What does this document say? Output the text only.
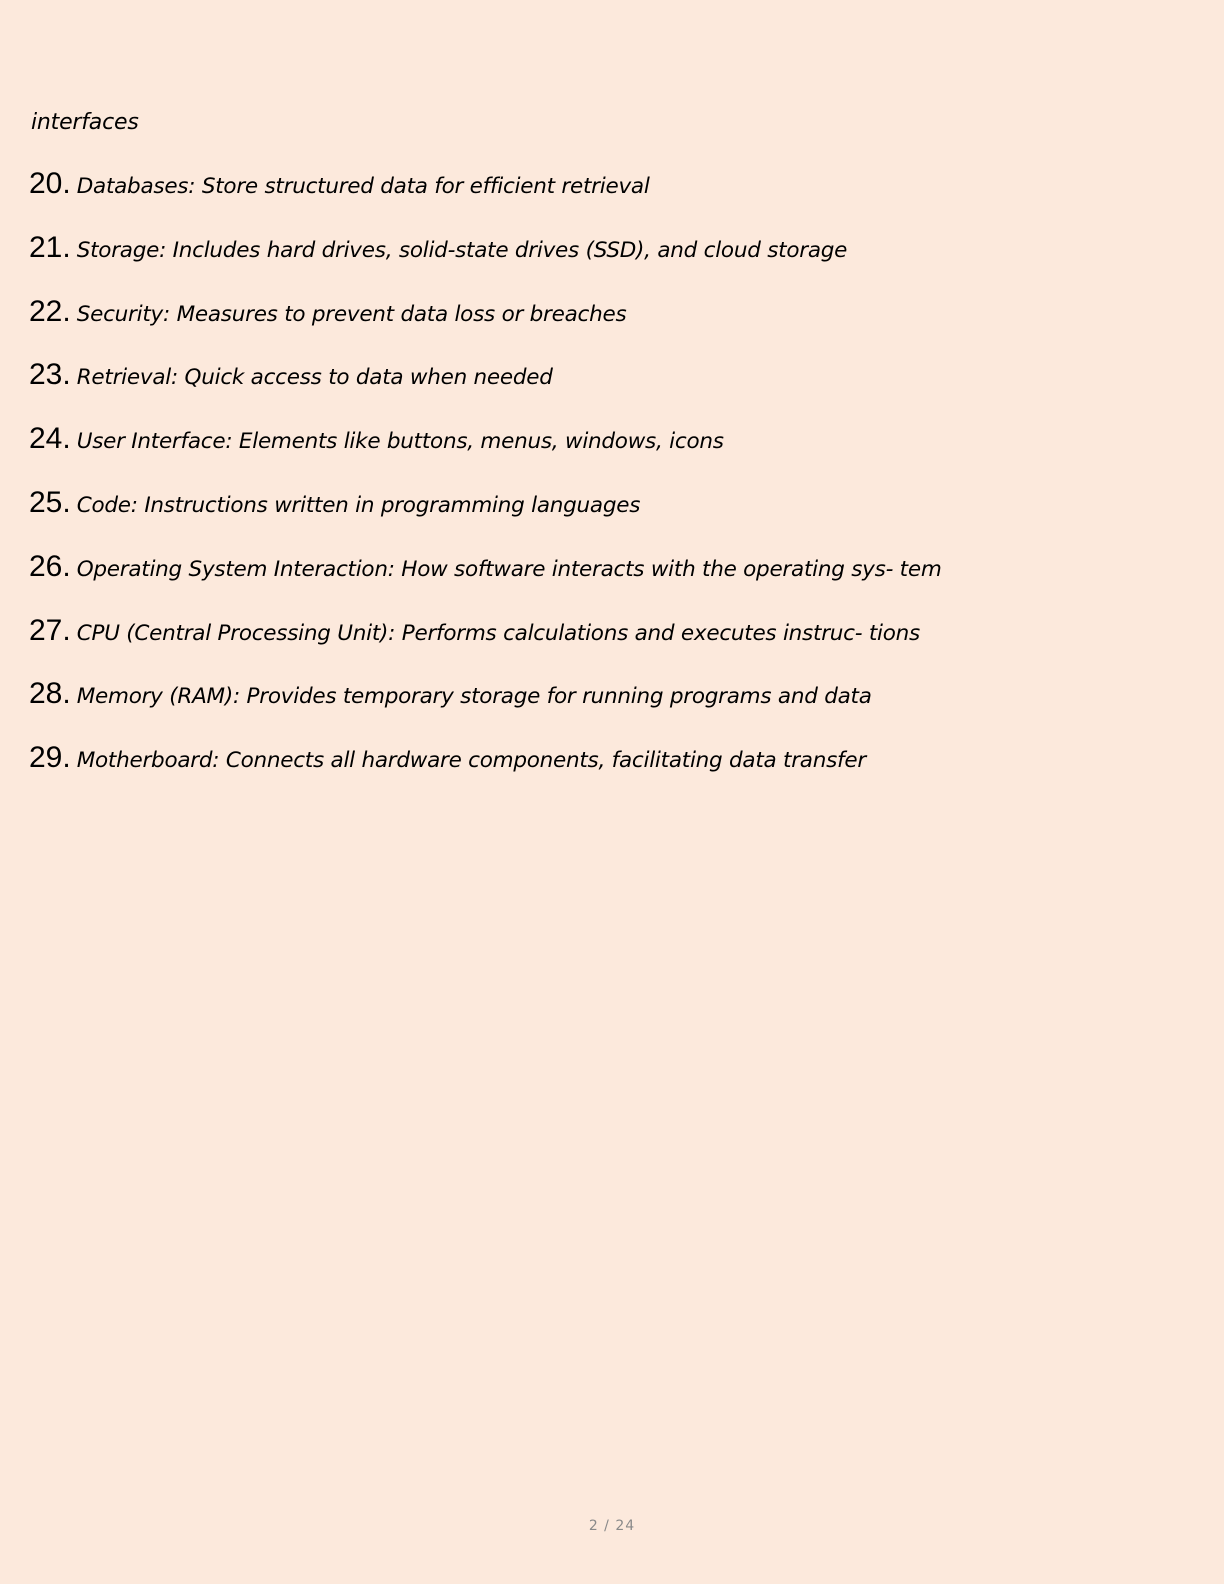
interfaces
20. Databases: Store structured data for efficient retrieval
21. Storage: Includes hard drives, solid-state drives (SSD), and cloud storage
22. Security: Measures to prevent data loss or breaches
23. Retrieval: Quick access to data when needed
24. User Interface: Elements like buttons, menus, windows, icons
25. Code: Instructions written in programming languages
26. Operating System Interaction: How software interacts with the operating sys- tem
27. CPU (Central Processing Unit): Performs calculations and executes instruc- tions
28. Memory (RAM): Provides temporary storage for running programs and data
29. Motherboard: Connects all hardware components, facilitating data transfer
2 / 24
